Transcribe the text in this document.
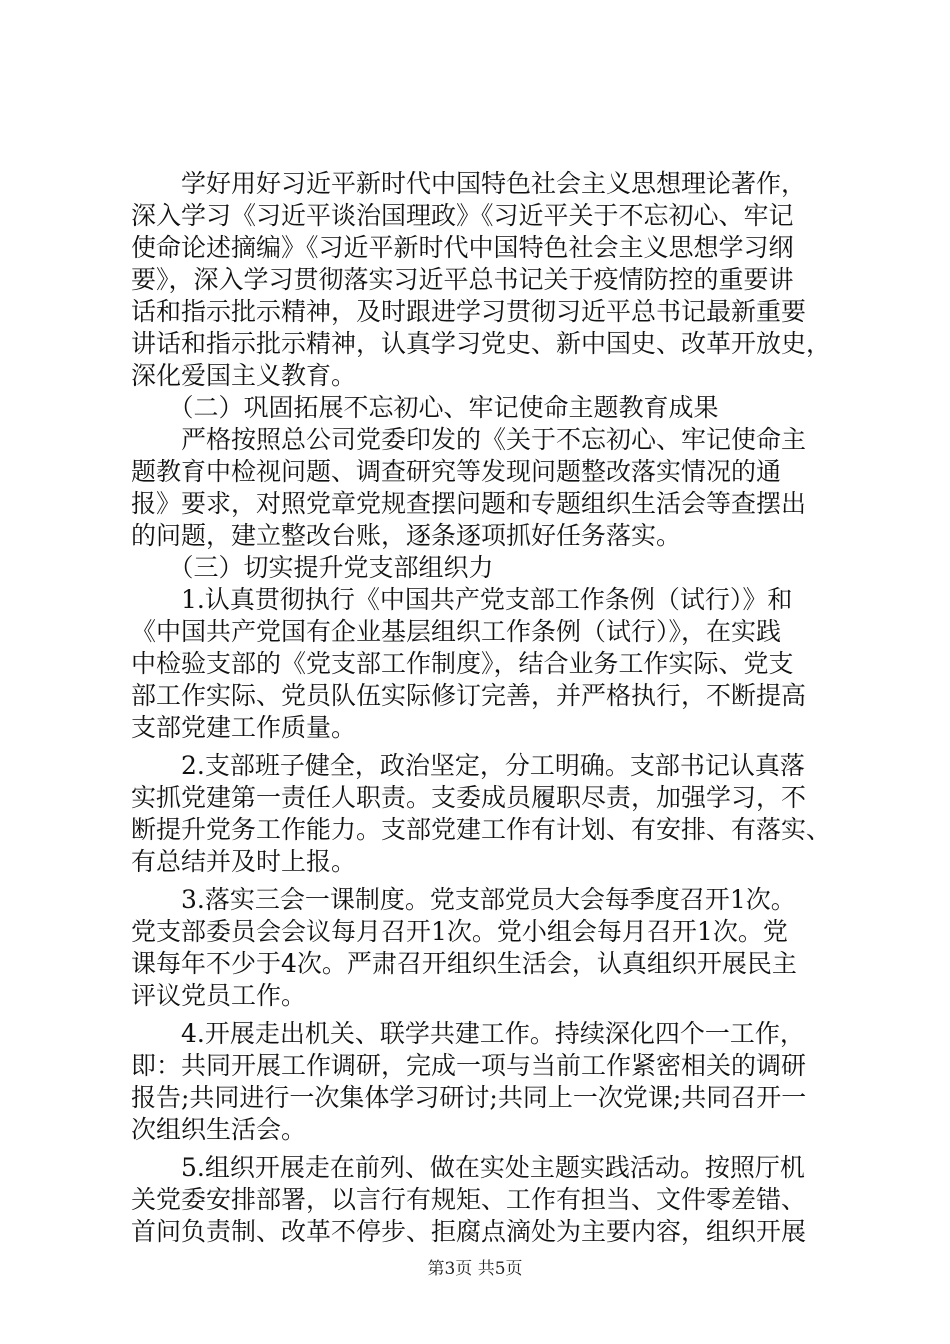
　　学好用好习近平新时代中国特色社会主义思想理论著作，
深入学习《习近平谈治国理政》《习近平关于不忘初心、牢记
使命论述摘编》《习近平新时代中国特色社会主义思想学习纲
要》，深入学习贯彻落实习近平总书记关于疫情防控的重要讲
话和指示批示精神，及时跟进学习贯彻习近平总书记最新重要
讲话和指示批示精神，认真学习党史、新中国史、改革开放史，
深化爱国主义教育。
　　（二）巩固拓展不忘初心、牢记使命主题教育成果
　　严格按照总公司党委印发的《关于不忘初心、牢记使命主
题教育中检视问题、调查研究等发现问题整改落实情况的通
报》要求，对照党章党规查摆问题和专题组织生活会等查摆出
的问题，建立整改台账，逐条逐项抓好任务落实。
　　（三）切实提升党支部组织力
　　1.认真贯彻执行《中国共产党支部工作条例（试行）》和
《中国共产党国有企业基层组织工作条例（试行）》，在实践
中检验支部的《党支部工作制度》，结合业务工作实际、党支
部工作实际、党员队伍实际修订完善，并严格执行，不断提高
支部党建工作质量。
　　2.支部班子健全，政治坚定，分工明确。支部书记认真落
实抓党建第一责任人职责。支委成员履职尽责，加强学习，不
断提升党务工作能力。支部党建工作有计划、有安排、有落实、
有总结并及时上报。
　　3.落实三会一课制度。党支部党员大会每季度召开1次。
党支部委员会会议每月召开1次。党小组会每月召开1次。党
课每年不少于4次。严肃召开组织生活会，认真组织开展民主
评议党员工作。
　　4.开展走出机关、联学共建工作。持续深化四个一工作，
即：共同开展工作调研，完成一项与当前工作紧密相关的调研
报告;共同进行一次集体学习研讨;共同上一次党课;共同召开一
次组织生活会。
　　5.组织开展走在前列、做在实处主题实践活动。按照厅机
关党委安排部署，以言行有规矩、工作有担当、文件零差错、
首问负责制、改革不停步、拒腐点滴处为主要内容，组织开展
第3页 共5页
